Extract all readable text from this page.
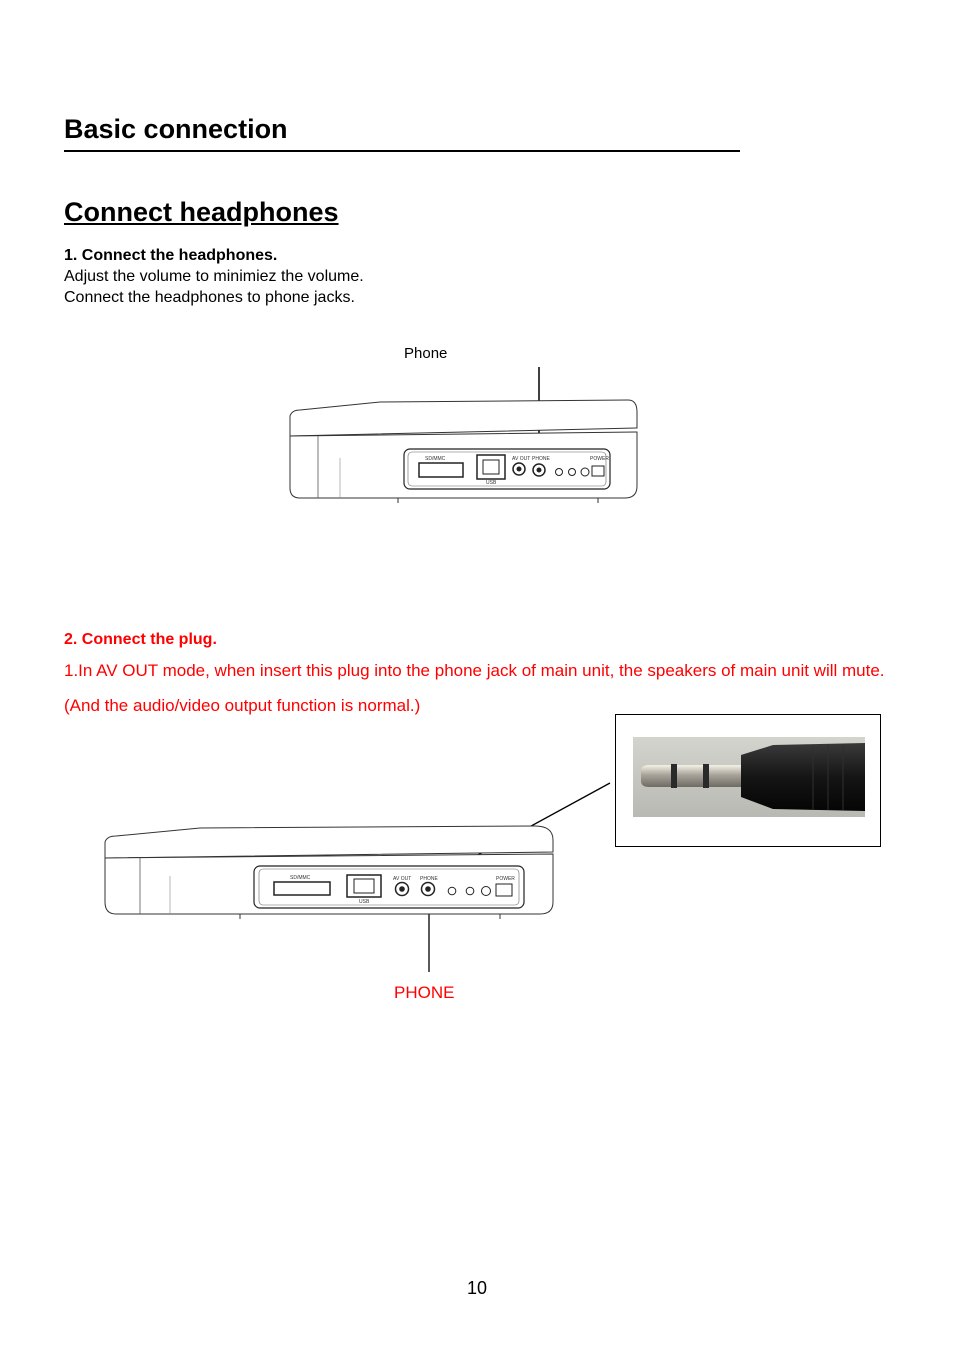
Basic connection
Connect headphones
1. Connect the headphones.
Adjust the volume to minimiez the volume.
Connect the headphones to phone jacks.
Phone
SD/MMC
USB
AV OUT PHONE	POWER
2. Connect the plug.
1.In AV OUT mode, when insert this plug into the phone jack of main unit, the speakers of main unit will mute. (And the audio/video output function is normal.)
SD/MMC
USB
AV OUT PHONE	POWER
PHONE
10
